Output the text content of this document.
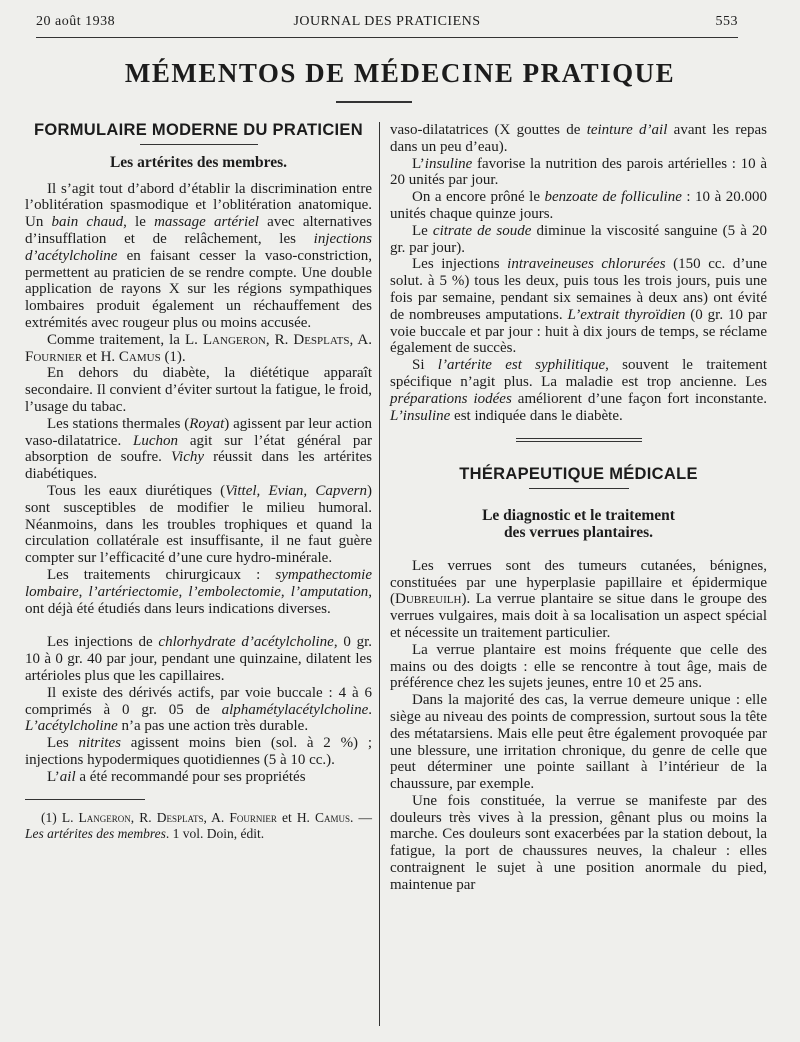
20 août 1938	JOURNAL DES PRATICIENS	553
MÉMENTOS DE MÉDECINE PRATIQUE
FORMULAIRE MODERNE DU PRATICIEN
Les artérites des membres.

Il s’agit tout d’abord d’établir la discrimination entre l’oblitération spasmodique et l’oblitération anatomique. Un bain chaud, le massage artériel avec alternatives d’insufflation et de relâchement, les injections d’acétylcholine en faisant cesser la vaso-constriction, permettent au praticien de se rendre compte. Une double application de rayons X sur les régions sympathiques lombaires produit également un réchauffement des extrémités avec rougeur plus ou moins accusée.

Comme traitement, la L. Langeron, R. Desplats, A. Fournier et H. Camus (1).

En dehors du diabète, la diététique apparaît secondaire. Il convient d’éviter surtout la fatigue, le froid, l’usage du tabac.

Les stations thermales (Royat) agissent par leur action vaso-dilatatrice. Luchon agit sur l’état général par absorption de soufre. Vichy réussit dans les artérites diabétiques.

Tous les eaux diurétiques (Vittel, Evian, Capvern) sont susceptibles de modifier le milieu humoral. Néanmoins, dans les troubles trophiques et quand la circulation collatérale est insuffisante, il ne faut guère compter sur l’efficacité d’une cure hydro-minérale.

Les traitements chirurgicaux : sympathectomie lombaire, l’artériectomie, l’embolectomie, l’amputation, ont déjà été étudiés dans leurs indications diverses.

Les injections de chlorhydrate d’acétylcholine, 0 gr. 10 à 0 gr. 40 par jour, pendant une quinzaine, dilatent les artérioles plus que les capillaires.

Il existe des dérivés actifs, par voie buccale : 4 à 6 comprimés à 0 gr. 05 de alphamétylacétylcholine. L’acétylcholine n’a pas une action très durable.

Les nitrites agissent moins bien (sol. à 2 %) ; injections hypodermiques quotidiennes (5 à 10 cc.).

L’ail a été recommandé pour ses propriétés

(1) L. Langeron, R. Desplats, A. Fournier et H. Camus. — Les artérites des membres. 1 vol. Doin, édit.

vaso-dilatatrices (X gouttes de teinture d’ail avant les repas dans un peu d’eau).

L’insuline favorise la nutrition des parois artérielles : 10 à 20 unités par jour.

On a encore prôné le benzoate de folliculine : 10 à 20.000 unités chaque quinze jours.

Le citrate de soude diminue la viscosité sanguine (5 à 20 gr. par jour).

Les injections intraveineuses chlorurées (150 cc. d’une solut. à 5 %) tous les deux, puis tous les trois jours, puis une fois par semaine, pendant six semaines à deux ans) ont évité de nombreuses amputations. L’extrait thyroïdien (0 gr. 10 par voie buccale et par jour : huit à dix jours de temps, se réclame également de succès.

Si l’artérite est syphilitique, souvent le traitement spécifique n’agit plus. La maladie est trop ancienne. Les préparations iodées améliorent d’une façon fort inconstante. L’insuline est indiquée dans le diabète.

THÉRAPEUTIQUE MÉDICALE
Le diagnostic et le traitement
des verrues plantaires.

Les verrues sont des tumeurs cutanées, bénignes, constituées par une hyperplasie papillaire et épidermique (Dubreuilh). La verrue plantaire se situe dans le groupe des verrues vulgaires, mais doit à sa localisation un aspect spécial et nécessite un traitement particulier.

La verrue plantaire est moins fréquente que celle des mains ou des doigts : elle se rencontre à tout âge, mais de préférence chez les sujets jeunes, entre 10 et 25 ans.

Dans la majorité des cas, la verrue demeure unique : elle siège au niveau des points de compression, surtout sous la tête des métatarsiens. Mais elle peut être également provoquée par une blessure, une irritation chronique, du genre de celle que peut déterminer une pointe saillant à l’intérieur de la chaussure, par exemple.

Une fois constituée, la verrue se manifeste par des douleurs très vives à la pression, gênant plus ou moins la marche. Ces douleurs sont exacerbées par la station debout, la fatigue, la port de chaussures neuves, la chaleur : elles contraignent le sujet à une position anormale du pied, maintenue par
